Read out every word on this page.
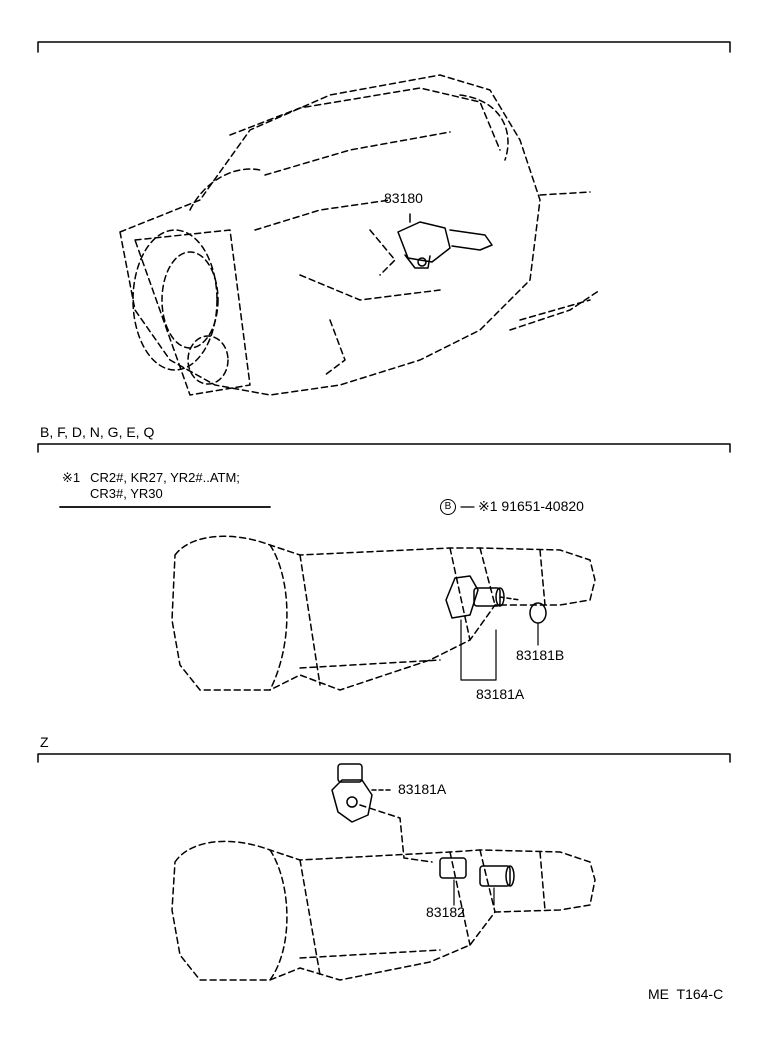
83180
B, F, D, N, G, E, Q
※1 CR2#, KR27, YR2#..ATM;
CR3#, YR30
B ※1 91651-40820
83181B
83181A
Z
83181A
83182
ME  T164-C
